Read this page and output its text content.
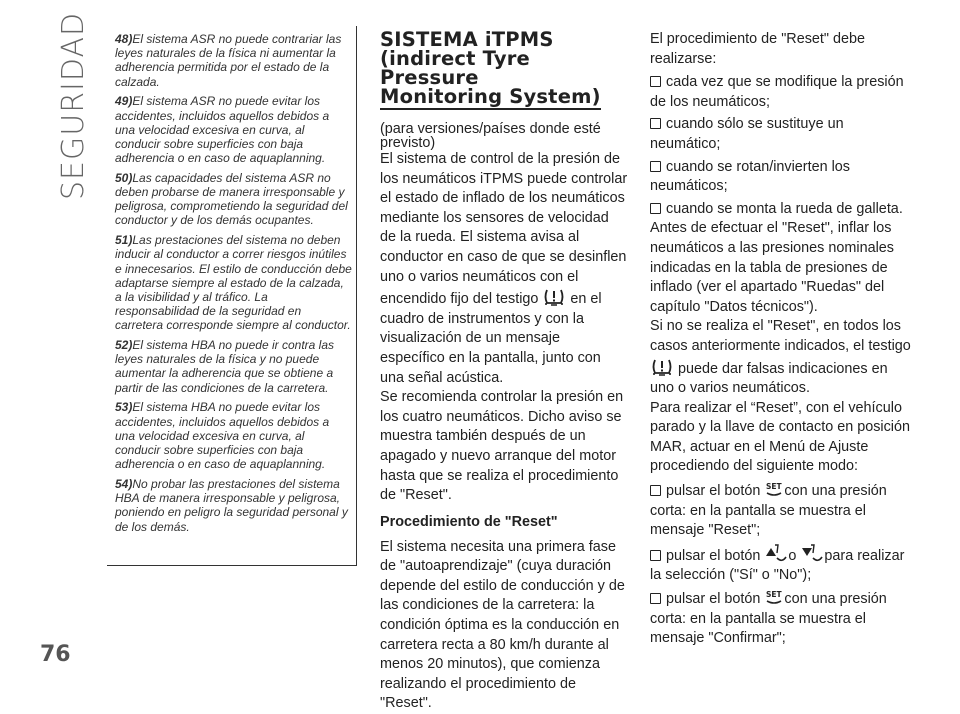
SEGURIDAD
76

48)El sistema ASR no puede contrariar las leyes naturales de la física ni aumentar la adherencia permitida por el estado de la calzada.

49)El sistema ASR no puede evitar los accidentes, incluidos aquellos debidos a una velocidad excesiva en curva, al conducir sobre superficies con baja adherencia o en caso de aquaplanning.

50)Las capacidades del sistema ASR no deben probarse de manera irresponsable y peligrosa, comprometiendo la seguridad del conductor y de los demás ocupantes.

51)Las prestaciones del sistema no deben inducir al conductor a correr riesgos inútiles e innecesarios. El estilo de conducción debe adaptarse siempre al estado de la calzada, a la visibilidad y al tráfico. La responsabilidad de la seguridad en carretera corresponde siempre al conductor.

52)El sistema HBA no puede ir contra las leyes naturales de la física y no puede aumentar la adherencia que se obtiene a partir de las condiciones de la carretera.

53)El sistema HBA no puede evitar los accidentes, incluidos aquellos debidos a una velocidad excesiva en curva, al conducir sobre superficies con baja adherencia o en caso de aquaplanning.

54)No probar las prestaciones del sistema HBA de manera irresponsable y peligrosa, poniendo en peligro la seguridad personal y de los demás.

SISTEMA iTPMS
(indirect Tyre
Pressure
Monitoring System)

(para versiones/países donde esté previsto)

El sistema de control de la presión de los neumáticos iTPMS puede controlar el estado de inflado de los neumáticos mediante los sensores de velocidad de la rueda. El sistema avisa al conductor en caso de que se desinflen uno o varios neumáticos con el encendido fijo del testigo en el cuadro de instrumentos y con la visualización de un mensaje específico en la pantalla, junto con una señal acústica.

Se recomienda controlar la presión en los cuatro neumáticos. Dicho aviso se muestra también después de un apagado y nuevo arranque del motor hasta que se realiza el procedimiento de "Reset".

Procedimiento de "Reset"

El sistema necesita una primera fase de "autoaprendizaje" (cuya duración depende del estilo de conducción y de las condiciones de la carretera: la condición óptima es la conducción en carretera recta a 80 km/h durante al menos 20 minutos), que comienza realizando el procedimiento de "Reset".

El procedimiento de "Reset" debe realizarse:

cada vez que se modifique la presión de los neumáticos;

cuando sólo se sustituye un neumático;

cuando se rotan/invierten los neumáticos;

cuando se monta la rueda de galleta. Antes de efectuar el "Reset", inflar los neumáticos a las presiones nominales indicadas en la tabla de presiones de inflado (ver el apartado "Ruedas" del capítulo "Datos técnicos").

Si no se realiza el "Reset", en todos los casos anteriormente indicados, el testigo
puede dar falsas indicaciones en uno o varios neumáticos.

Para realizar el “Reset”, con el vehículo parado y la llave de contacto en posición MAR, actuar en el Menú de Ajuste procediendo del siguiente modo:

pulsar el botón SET con una presión corta: en la pantalla se muestra el mensaje "Reset";

pulsar el botón o para realizar la selección ("Sí" o "No");

pulsar el botón SET con una presión corta: en la pantalla se muestra el mensaje "Confirmar";
